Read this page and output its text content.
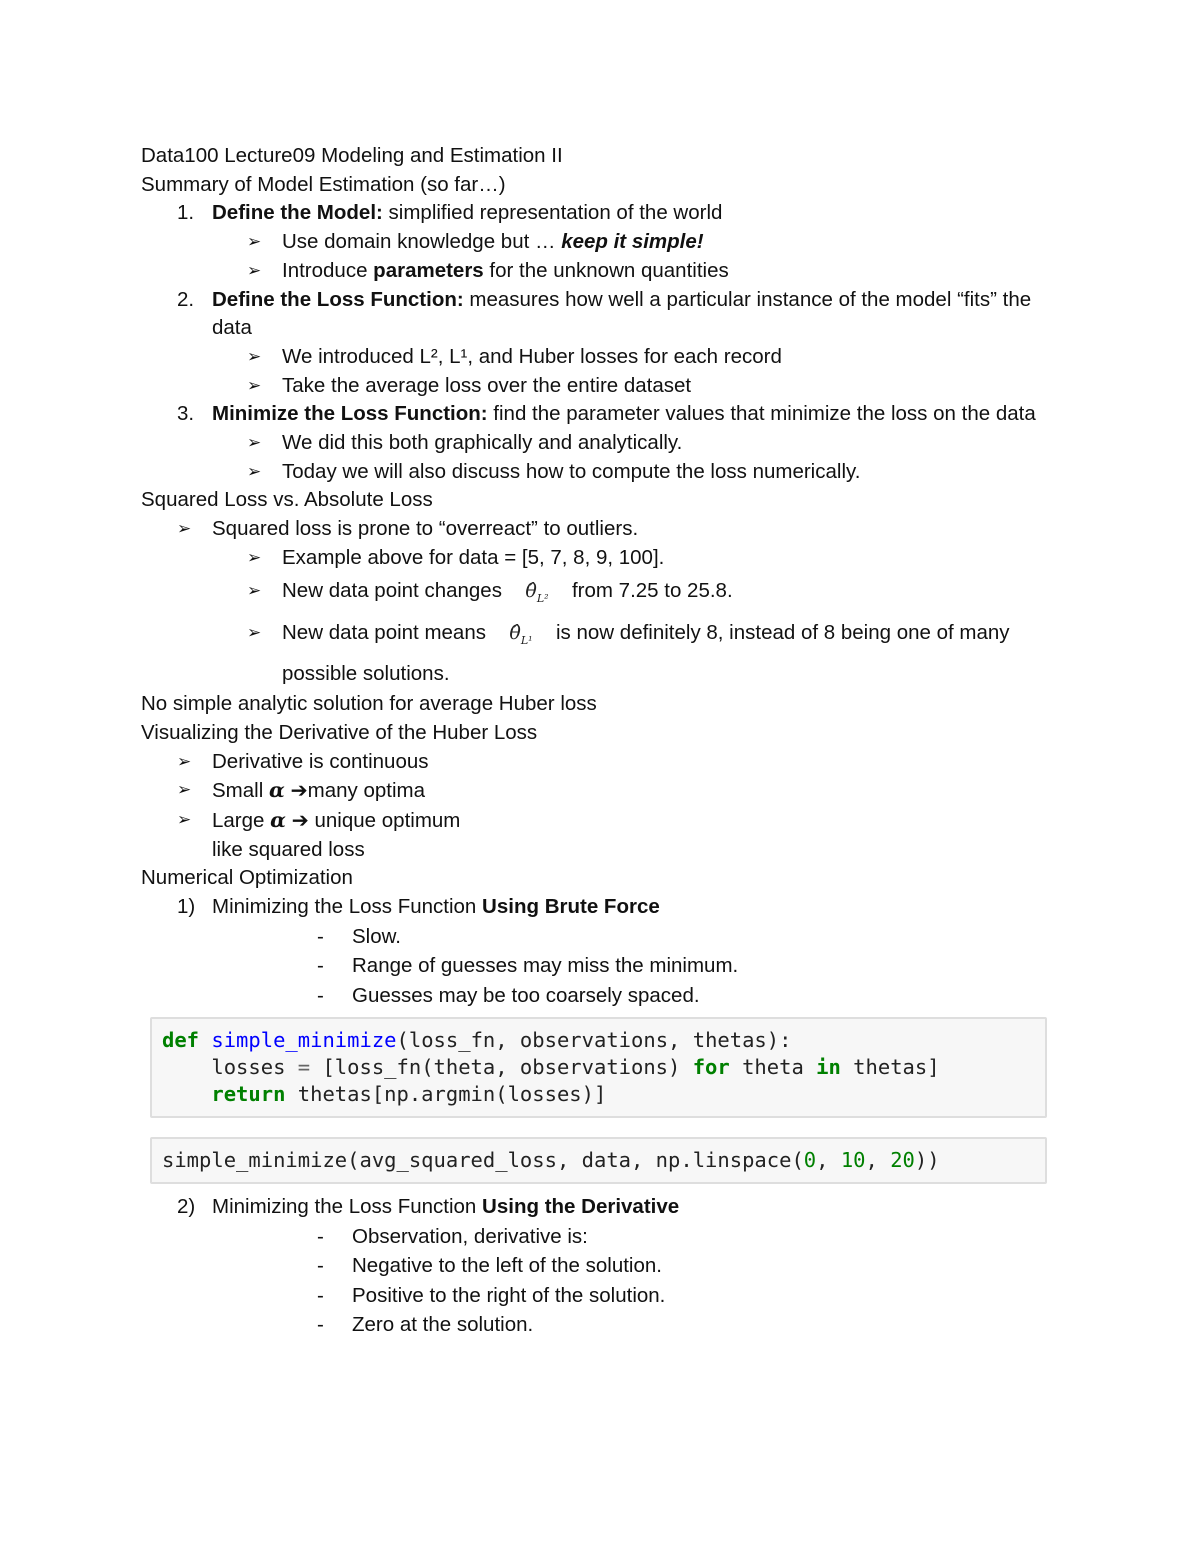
Data100 Lecture09 Modeling and Estimation II
Summary of Model Estimation (so far…)
1. Define the Model: simplified representation of the world
➢	Use domain knowledge but … keep it simple!
➢	Introduce parameters for the unknown quantities
2. Define the Loss Function: measures how well a particular instance of the model “fits” the data
➢	We introduced L², L¹, and Huber losses for each record
➢	Take the average loss over the entire dataset
3. Minimize the Loss Function: find the parameter values that minimize the loss on the data
➢	We did this both graphically and analytically.
➢	Today we will also discuss how to compute the loss numerically.
Squared Loss vs. Absolute Loss
➢	Squared loss is prone to “overreact” to outliers.
➢	Example above for data = [5, 7, 8, 9, 100].
➢	New data point changes $\thetâ_{L^2}$ from 7.25 to 25.8.
➢	New data point means $\thetâ_{L^1}$ is now definitely 8, instead of 8 being one of many possible solutions.
No simple analytic solution for average Huber loss
Visualizing the Derivative of the Huber Loss
➢	Derivative is continuous
➢	Small α ➔many optima
➢	Large α ➔ unique optimum
like squared loss
Numerical Optimization
1) Minimizing the Loss Function Using Brute Force
-	Slow.
-	Range of guesses may miss the minimum.
-	Guesses may be too coarsely spaced.
def simple_minimize(loss_fn, observations, thetas):
losses = [loss_fn(theta, observations) for theta in thetas]
return thetas[np.argmin(losses)]
simple_minimize(avg_squared_loss, data, np.linspace(0, 10, 20))
2) Minimizing the Loss Function Using the Derivative
-	Observation, derivative is:
-	Negative to the left of the solution.
-	Positive to the right of the solution.
-	Zero at the solution.
